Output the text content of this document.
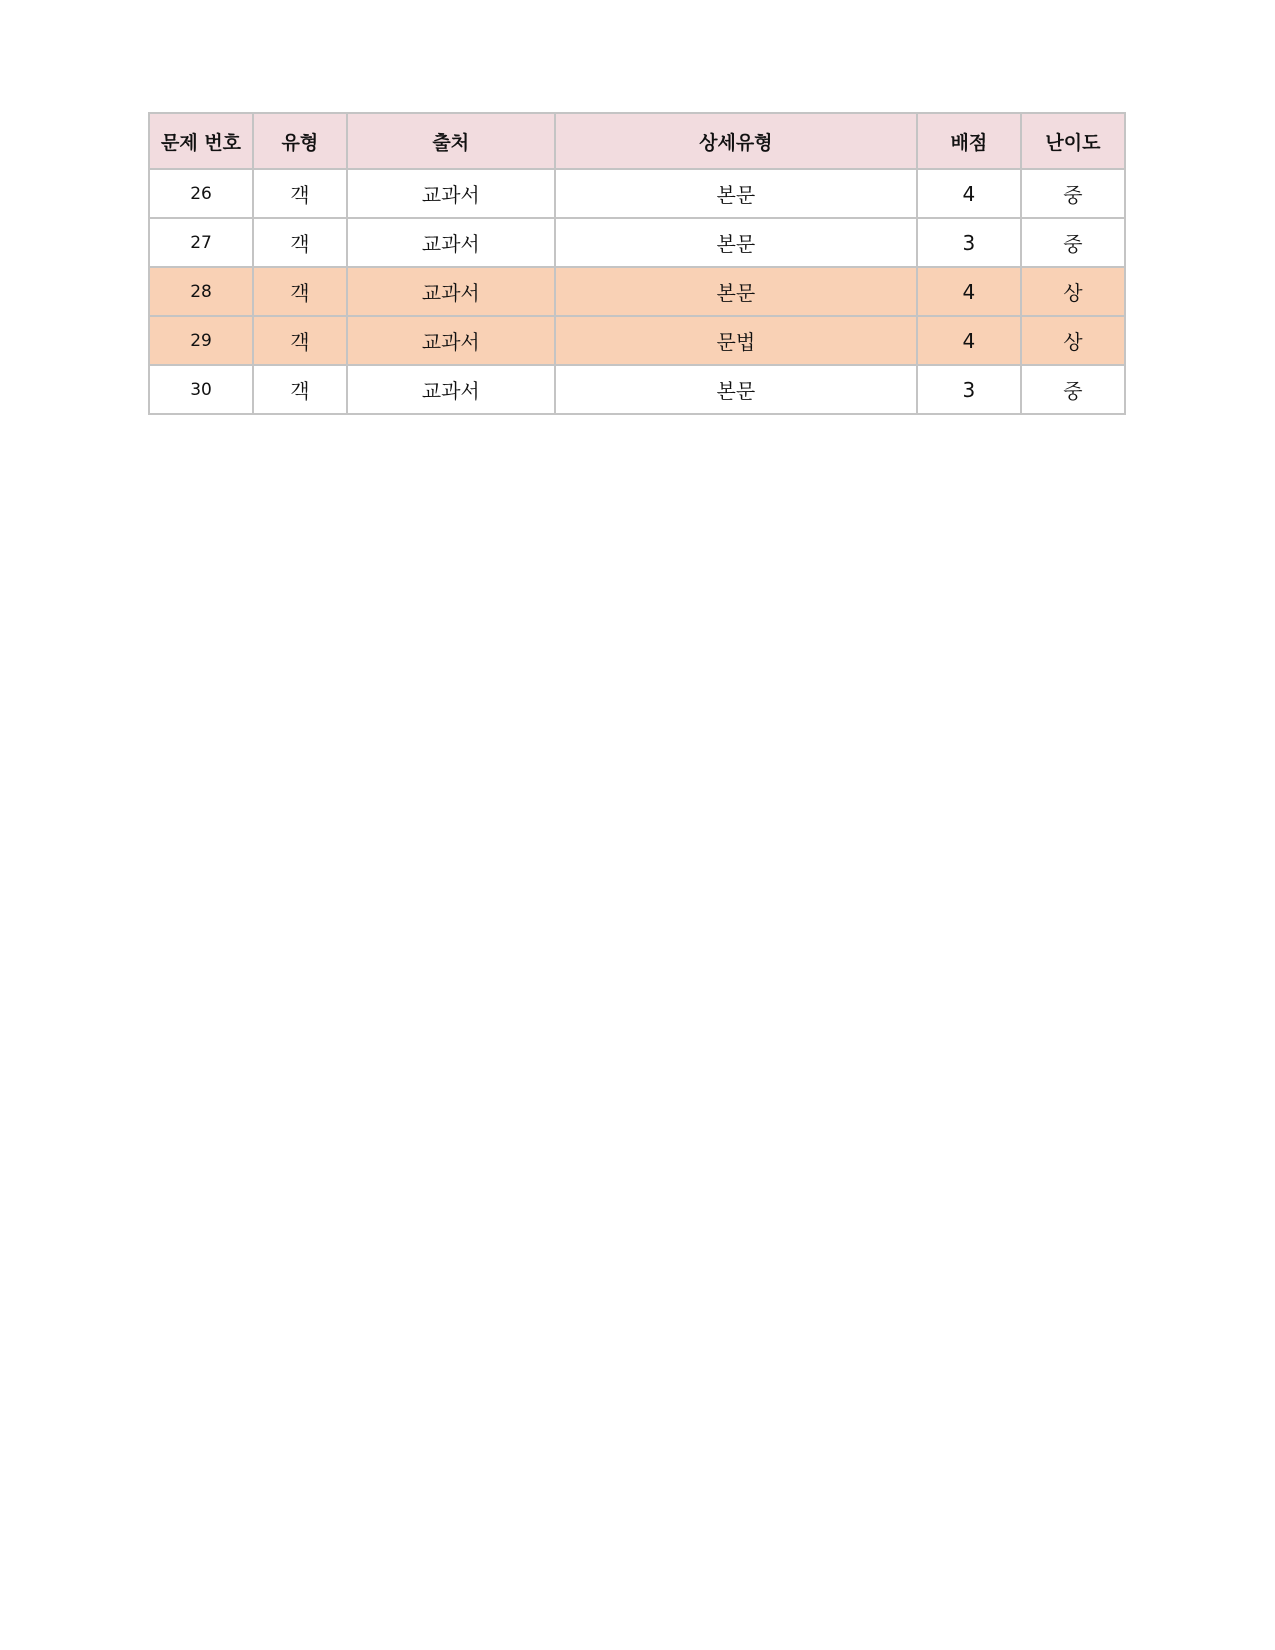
문제 번호	유형	출처	상세유형	배점	난이도
26	객	교과서	본문	4	중
27	객	교과서	본문	3	중
28	객	교과서	본문	4	상
29	객	교과서	문법	4	상
30	객	교과서	본문	3	중
